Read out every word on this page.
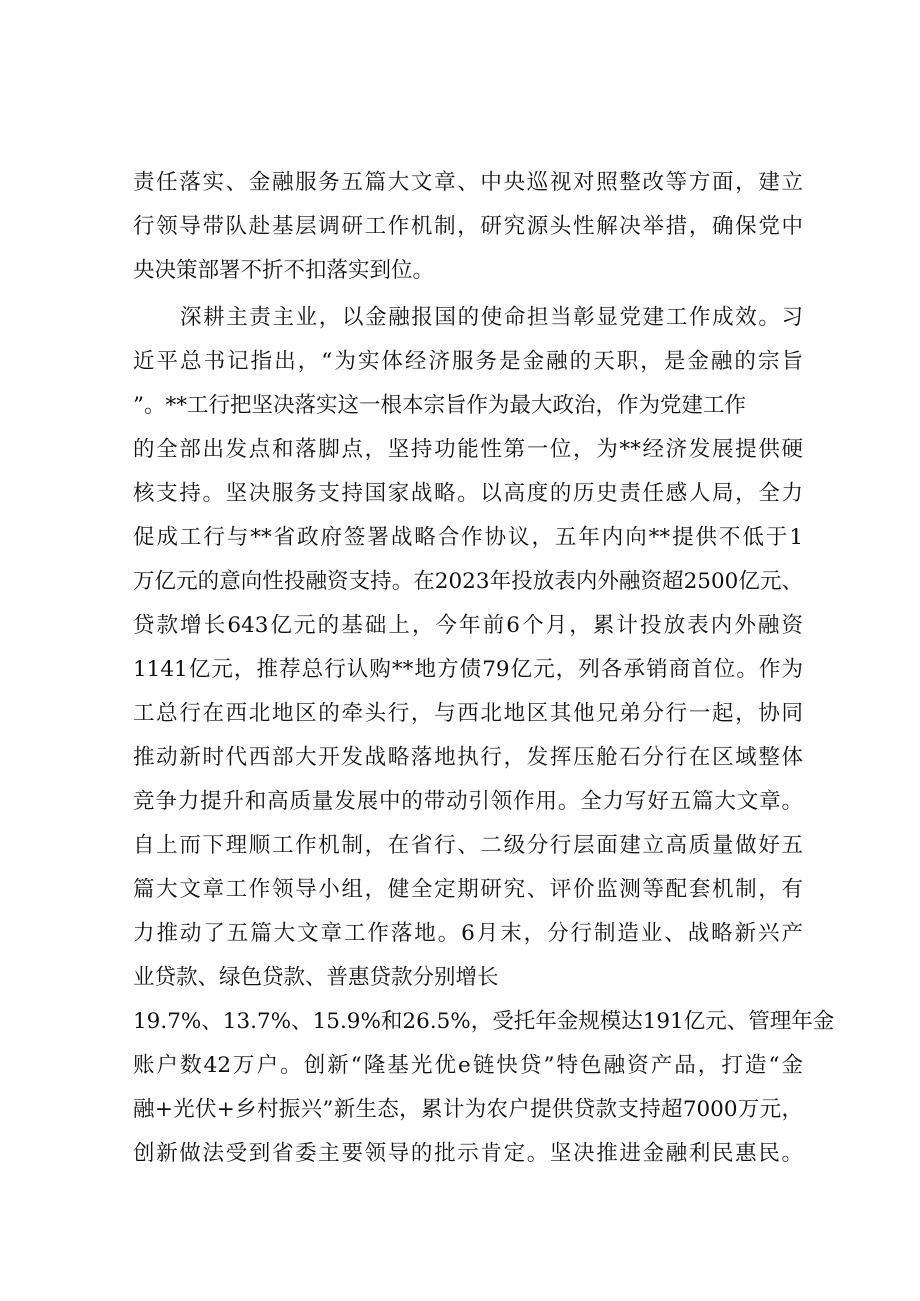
责任落实、金融服务五篇大文章、中央巡视对照整改等方面，建立
行领导带队赴基层调研工作机制，研究源头性解决举措，确保党中
央决策部署不折不扣落实到位。
深耕主责主业，以金融报国的使命担当彰显党建工作成效。习
近平总书记指出，“为实体经济服务是金融的天职，是金融的宗旨
”。**工行把坚决落实这一根本宗旨作为最大政治，作为党建工作
的全部出发点和落脚点，坚持功能性第一位，为**经济发展提供硬
核支持。坚决服务支持国家战略。以高度的历史责任感人局，全力
促成工行与**省政府签署战略合作协议，五年内向**提供不低于1
万亿元的意向性投融资支持。在2023年投放表内外融资超2500亿元、
贷款增长643亿元的基础上，今年前6个月，累计投放表内外融资
1141亿元，推荐总行认购**地方债79亿元，列各承销商首位。作为
工总行在西北地区的牵头行，与西北地区其他兄弟分行一起，协同
推动新时代西部大开发战略落地执行，发挥压舱石分行在区域整体
竞争力提升和高质量发展中的带动引领作用。全力写好五篇大文章。
自上而下理顺工作机制，在省行、二级分行层面建立高质量做好五
篇大文章工作领导小组，健全定期研究、评价监测等配套机制，有
力推动了五篇大文章工作落地。6月末，分行制造业、战略新兴产
业贷款、绿色贷款、普惠贷款分别增长
19.7%、13.7%、15.9%和26.5%，受托年金规模达191亿元、管理年金
账户数42万户。创新“隆基光优e链快贷”特色融资产品，打造“金
融+光伏+乡村振兴”新生态，累计为农户提供贷款支持超7000万元，
创新做法受到省委主要领导的批示肯定。坚决推进金融利民惠民。
